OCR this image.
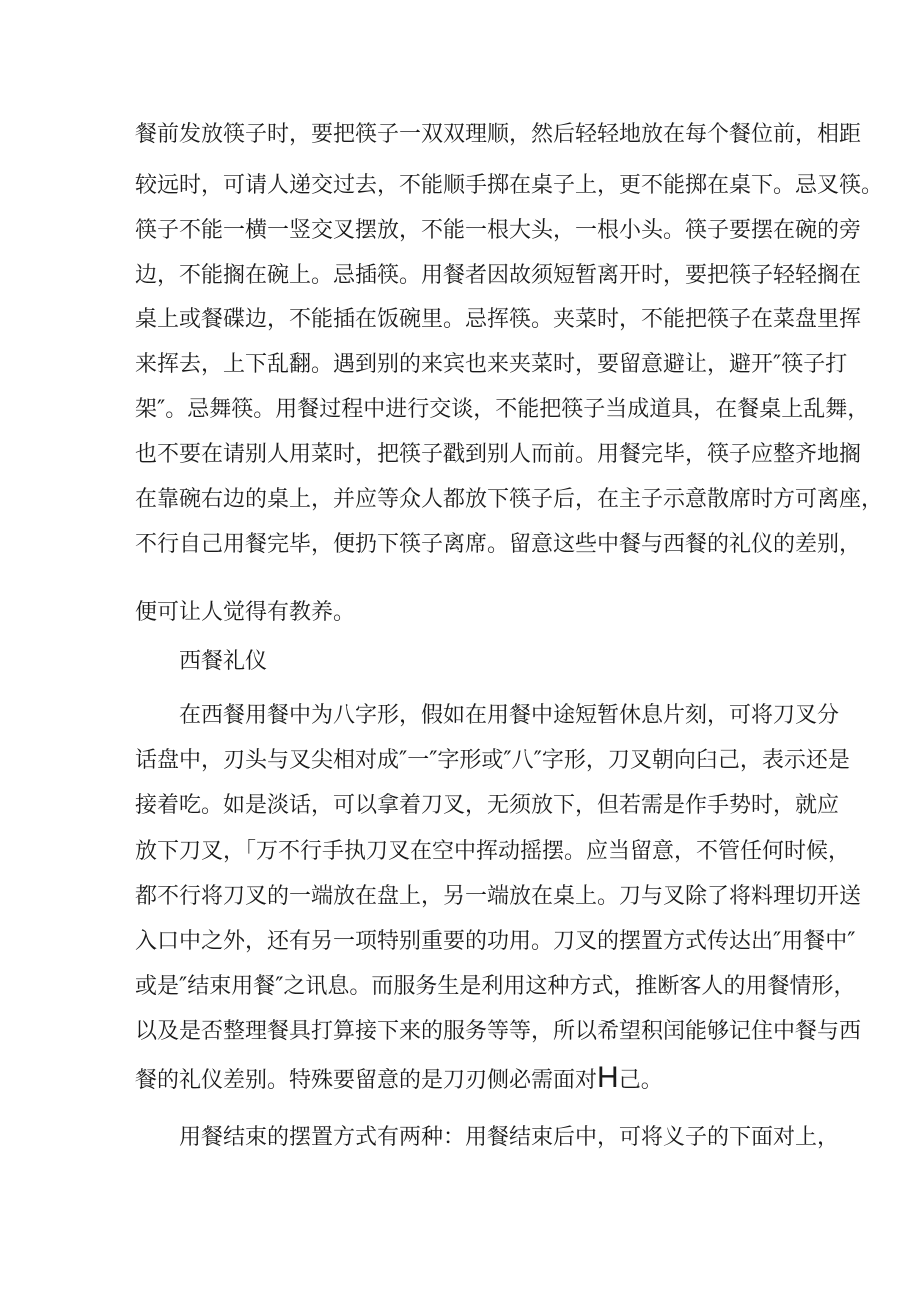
餐前发放筷子时，要把筷子一双双理顺，然后轻轻地放在每个餐位前，相距
较远时，可请人递交过去，不能顺手掷在桌子上，更不能掷在桌下。忌叉筷。
筷子不能一横一竖交叉摆放，不能一根大头，一根小头。筷子要摆在碗的旁
边，不能搁在碗上。忌插筷。用餐者因故须短暂离开时，要把筷子轻轻搁在
桌上或餐碟边，不能插在饭碗里。忌挥筷。夹菜时，不能把筷子在菜盘里挥
来挥去，上下乱翻。遇到别的来宾也来夹菜时，要留意避让，避开″筷子打
架″。忌舞筷。用餐过程中进行交谈，不能把筷子当成道具，在餐桌上乱舞，
也不要在请别人用菜时，把筷子戳到别人而前。用餐完毕，筷子应整齐地搁
在靠碗右边的桌上，并应等众人都放下筷子后，在主子示意散席时方可离座，
不行自己用餐完毕，便扔下筷子离席。留意这些中餐与西餐的礼仪的差别，
便可让人觉得有教养。
西餐礼仪
在西餐用餐中为八字形，假如在用餐中途短暂休息片刻，可将刀叉分
话盘中，刃头与叉尖相对成″一″字形或″八″字形，刀叉朝向臼己，表示还是
接着吃。如是淡话，可以拿着刀叉，无须放下，但若需是作手势时，就应
放下刀叉，「万不行手执刀叉在空中挥动摇摆。应当留意，不管任何时候，
都不行将刀叉的一端放在盘上，另一端放在桌上。刀与叉除了将料理切开送
入口中之外，还有另一项特别重要的功用。刀叉的摆置方式传达出″用餐中″
或是″结束用餐″之讯息。而服务生是利用这种方式，推断客人的用餐情形，
以及是否整理餐具打算接下来的服务等等，所以希望积闰能够记住中餐与西
餐的礼仪差别。特殊要留意的是刀刃侧必需面对H己。
用餐结束的摆置方式有两种：用餐结束后中，可将义子的下面对上，
